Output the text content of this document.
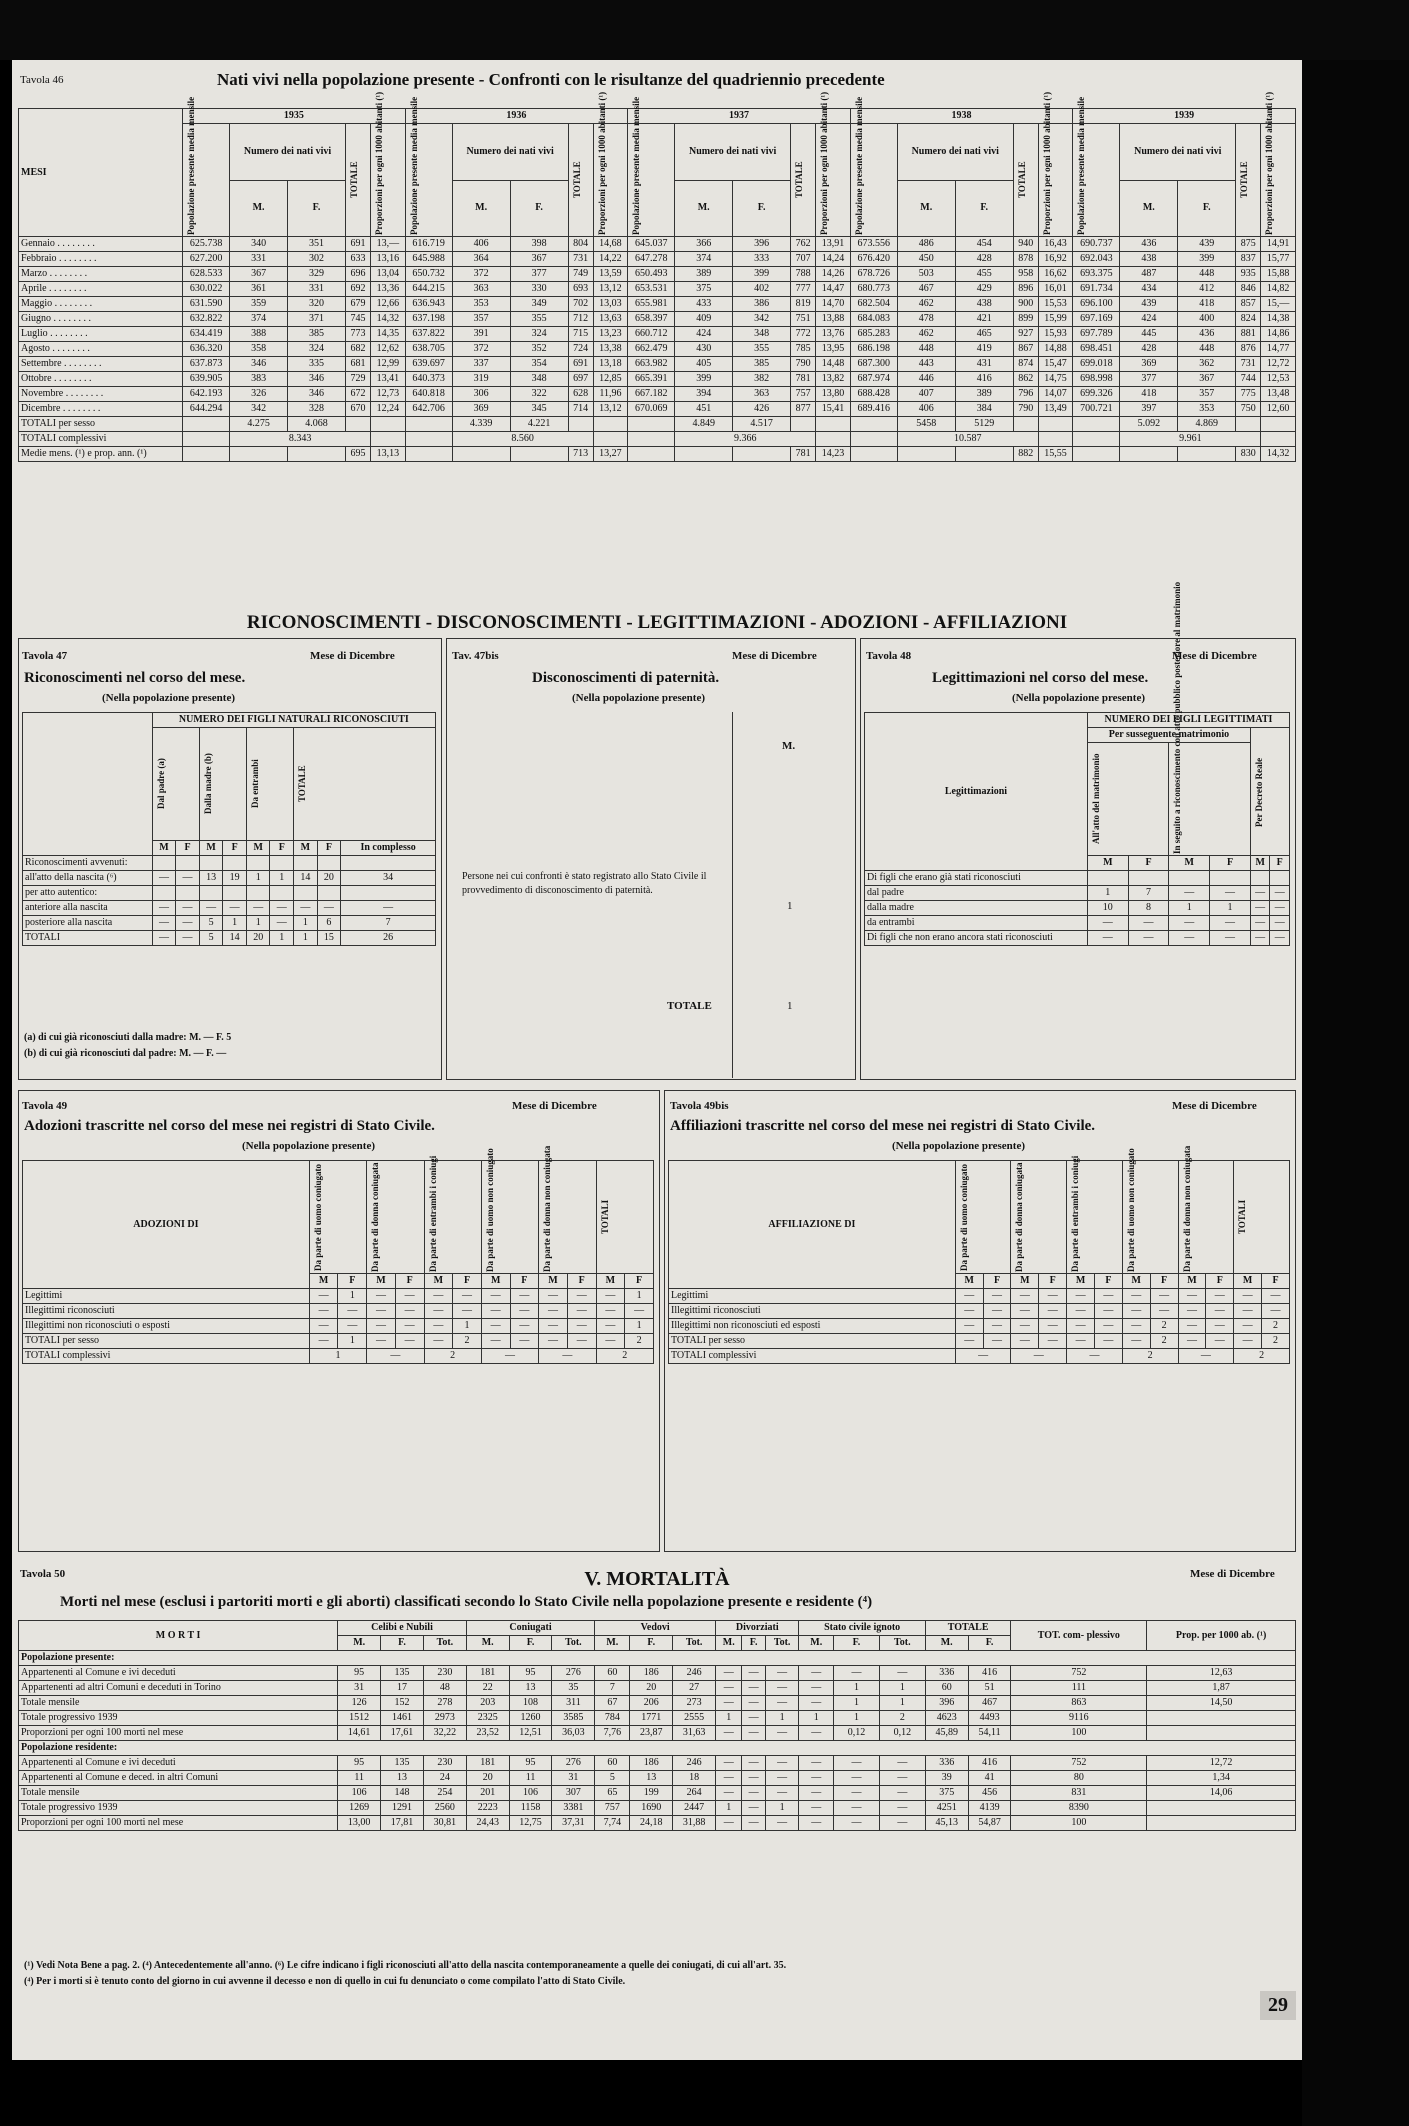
Tavola 46	Nati vivi nella popolazione presente - Confronti con le risultanze del quadriennio precedente
MESI	1935					1936					1937					1938					1939				

	Popolazione presente media mensile	Numero dei nati vivi		TOTALE	Proporzioni per ogni 1000 abitanti (¹)	Popolazione presente media mensile	Numero dei nati vivi		TOTALE	Proporzioni per ogni 1000 abitanti (¹)	Popolazione presente media mensile	Numero dei nati vivi		TOTALE	Proporzioni per ogni 1000 abitanti (¹)	Popolazione presente media mensile	Numero dei nati vivi		TOTALE	Proporzioni per ogni 1000 abitanti (¹)	Popolazione presente media mensile	Numero dei nati vivi		TOTALE	Proporzioni per ogni 1000 abitanti (¹)

		M.	F.				M.	F.				M.	F.				M.	F.				M.	F.		
Gennaio . . . . . . . .	625.738	340	351	691	13,—	616.719	406	398	804	14,68	645.037	366	396	762	13,91	673.556	486	454	940	16,43	690.737	436	439	875	14,91
Febbraio . . . . . . . .	627.200	331	302	633	13,16	645.988	364	367	731	14,22	647.278	374	333	707	14,24	676.420	450	428	878	16,92	692.043	438	399	837	15,77
Marzo . . . . . . . .	628.533	367	329	696	13,04	650.732	372	377	749	13,59	650.493	389	399	788	14,26	678.726	503	455	958	16,62	693.375	487	448	935	15,88
Aprile . . . . . . . .	630.022	361	331	692	13,36	644.215	363	330	693	13,12	653.531	375	402	777	14,47	680.773	467	429	896	16,01	691.734	434	412	846	14,82
Maggio . . . . . . . .	631.590	359	320	679	12,66	636.943	353	349	702	13,03	655.981	433	386	819	14,70	682.504	462	438	900	15,53	696.100	439	418	857	15,—
Giugno . . . . . . . .	632.822	374	371	745	14,32	637.198	357	355	712	13,63	658.397	409	342	751	13,88	684.083	478	421	899	15,99	697.169	424	400	824	14,38
Luglio . . . . . . . .	634.419	388	385	773	14,35	637.822	391	324	715	13,23	660.712	424	348	772	13,76	685.283	462	465	927	15,93	697.789	445	436	881	14,86
Agosto . . . . . . . .	636.320	358	324	682	12,62	638.705	372	352	724	13,38	662.479	430	355	785	13,95	686.198	448	419	867	14,88	698.451	428	448	876	14,77
Settembre . . . . . . . .	637.873	346	335	681	12,99	639.697	337	354	691	13,18	663.982	405	385	790	14,48	687.300	443	431	874	15,47	699.018	369	362	731	12,72
Ottobre . . . . . . . .	639.905	383	346	729	13,41	640.373	319	348	697	12,85	665.391	399	382	781	13,82	687.974	446	416	862	14,75	698.998	377	367	744	12,53
Novembre . . . . . . . .	642.193	326	346	672	12,73	640.818	306	322	628	11,96	667.182	394	363	757	13,80	688.428	407	389	796	14,07	699.326	418	357	775	13,48
Dicembre . . . . . . . .	644.294	342	328	670	12,24	642.706	369	345	714	13,12	670.069	451	426	877	15,41	689.416	406	384	790	13,49	700.721	397	353	750	12,60
TOTALI per sesso		4.275	4.068				4.339	4.221				4.849	4.517				5458	5129				5.092	4.869		
TOTALI complessivi		8.343					8.560					9.366					10.587					9.961			
Medie mens. (¹) e prop. ann. (¹)				695	13,13				713	13,27				781	14,23				882	15,55				830	14,32
RICONOSCIMENTI - DISCONOSCIMENTI - LEGITTIMAZIONI - ADOZIONI - AFFILIAZIONI
Tavola 47	Mese di Dicembre
Riconoscimenti nel corso del mese.
(Nella popolazione presente)
	NUMERO DEI FIGLI NATURALI RICONOSCIUTI								

	Dal padre (a)		Dalla madre (b)		Da entrambi		TOTALE		

	M	F	M	F	M	F	M	F	In complesso
Riconoscimenti avvenuti:									
all'atto della nascita (⁶)	—	—	13	19	1	1	14	20	34
per atto autentico:									
anteriore alla nascita	—	—	—	—	—	—	—	—	—
posteriore alla nascita	—	—	5	1	1	—	1	6	7
TOTALI	—	—	5	14	20	1	1	15	26
(a) di cui già riconosciuti dalla madre: M. — F. 5
(b) di cui già riconosciuti dal padre: M. — F. —
Tav. 47bis	Mese di Dicembre
Disconoscimenti di paternità.
(Nella popolazione presente)
M.
Persone nei cui confronti è stato registrato allo Stato Civile il provvedimento di disconoscimento di paternità.
1
TOTALE	1
Tavola 48	Mese di Dicembre
Legittimazioni nel corso del mese.
(Nella popolazione presente)
Legittimazioni	NUMERO DEI FIGLI LEGITTIMATI					
	Per susseguente matrimonio				Per Decreto Reale	

	All'atto del matrimonio		In seguito a riconoscimento con atto pubblico posteriore al matrimonio			

	M	F	M	F	M	F
Di figli che erano già stati riconosciuti						
dal padre	1	7	—	—	—	—
dalla madre	10	8	1	1	—	—
da entrambi	—	—	—	—	—	—
Di figli che non erano ancora stati riconosciuti	—	—	—	—	—	—
Tavola 49	Mese di Dicembre
Adozioni trascritte nel corso del mese nei registri di Stato Civile.
(Nella popolazione presente)
ADOZIONI DI	Da parte di uomo coniugato		Da parte di donna coniugata		Da parte di entrambi i coniugi		Da parte di uomo non coniugato		Da parte di donna non coniugata		TOTALI	

	M	F	M	F	M	F	M	F	M	F	M	F
Legittimi	—	1	—	—	—	—	—	—	—	—	—	1
Illegittimi riconosciuti	—	—	—	—	—	—	—	—	—	—	—	—
Illegittimi non riconosciuti o esposti	—	—	—	—	—	1	—	—	—	—	—	1
TOTALI per sesso	—	1	—	—	—	2	—	—	—	—	—	2
TOTALI complessivi	1		—		2		—		—		2	
Tavola 49bis	Mese di Dicembre
Affiliazioni trascritte nel corso del mese nei registri di Stato Civile.
(Nella popolazione presente)
AFFILIAZIONE DI	Da parte di uomo coniugato		Da parte di donna coniugata		Da parte di entrambi i coniugi		Da parte di uomo non coniugato		Da parte di donna non coniugata		TOTALI	

	M	F	M	F	M	F	M	F	M	F	M	F
Legittimi	—	—	—	—	—	—	—	—	—	—	—	—
Illegittimi riconosciuti	—	—	—	—	—	—	—	—	—	—	—	—
Illegittimi non riconosciuti ed esposti	—	—	—	—	—	—	—	2	—	—	—	2
TOTALI per sesso	—	—	—	—	—	—	—	2	—	—	—	2
TOTALI complessivi	—		—		—		2		—		2	
Tavola 50	Mese di Dicembre
V. MORTALITÀ
Morti nel mese (esclusi i partoriti morti e gli aborti) classificati secondo lo Stato Civile nella popolazione presente e residente (⁴)
M O R T I	Celibi e Nubili			Coniugati			Vedovi			Divorziati			Stato civile ignoto			TOTALE		TOT. com- plessivo	Prop. per 1000 ab. (¹)
	M.	F.	Tot.	M.	F.	Tot.	M.	F.	Tot.	M.	F.	Tot.	M.	F.	Tot.	M.	F.		
Popolazione presente:																			
Appartenenti al Comune e ivi deceduti	95	135	230	181	95	276	60	186	246	—	—	—	—	—	—	336	416	752	12,63
Appartenenti ad altri Comuni e deceduti in Torino	31	17	48	22	13	35	7	20	27	—	—	—	—	1	1	60	51	111	1,87
Totale mensile	126	152	278	203	108	311	67	206	273	—	—	—	—	1	1	396	467	863	14,50
Totale progressivo 1939	1512	1461	2973	2325	1260	3585	784	1771	2555	1	—	1	1	1	2	4623	4493	9116	
Proporzioni per ogni 100 morti nel mese	14,61	17,61	32,22	23,52	12,51	36,03	7,76	23,87	31,63	—	—	—	—	0,12	0,12	45,89	54,11	100	
Popolazione residente:																			
Appartenenti al Comune e ivi deceduti	95	135	230	181	95	276	60	186	246	—	—	—	—	—	—	336	416	752	12,72
Appartenenti al Comune e deced. in altri Comuni	11	13	24	20	11	31	5	13	18	—	—	—	—	—	—	39	41	80	1,34
Totale mensile	106	148	254	201	106	307	65	199	264	—	—	—	—	—	—	375	456	831	14,06
Totale progressivo 1939	1269	1291	2560	2223	1158	3381	757	1690	2447	1	—	1	—	—	—	4251	4139	8390	
Proporzioni per ogni 100 morti nel mese	13,00	17,81	30,81	24,43	12,75	37,31	7,74	24,18	31,88	—	—	—	—	—	—	45,13	54,87	100	
(¹) Vedi Nota Bene a pag. 2. (⁴) Antecedentemente all'anno. (⁶) Le cifre indicano i figli riconosciuti all'atto della nascita contemporaneamente a quelle dei coniugati, di cui all'art. 35.
(⁴) Per i morti si è tenuto conto del giorno in cui avvenne il decesso e non di quello in cui fu denunciato o come compilato l'atto di Stato Civile.
29
